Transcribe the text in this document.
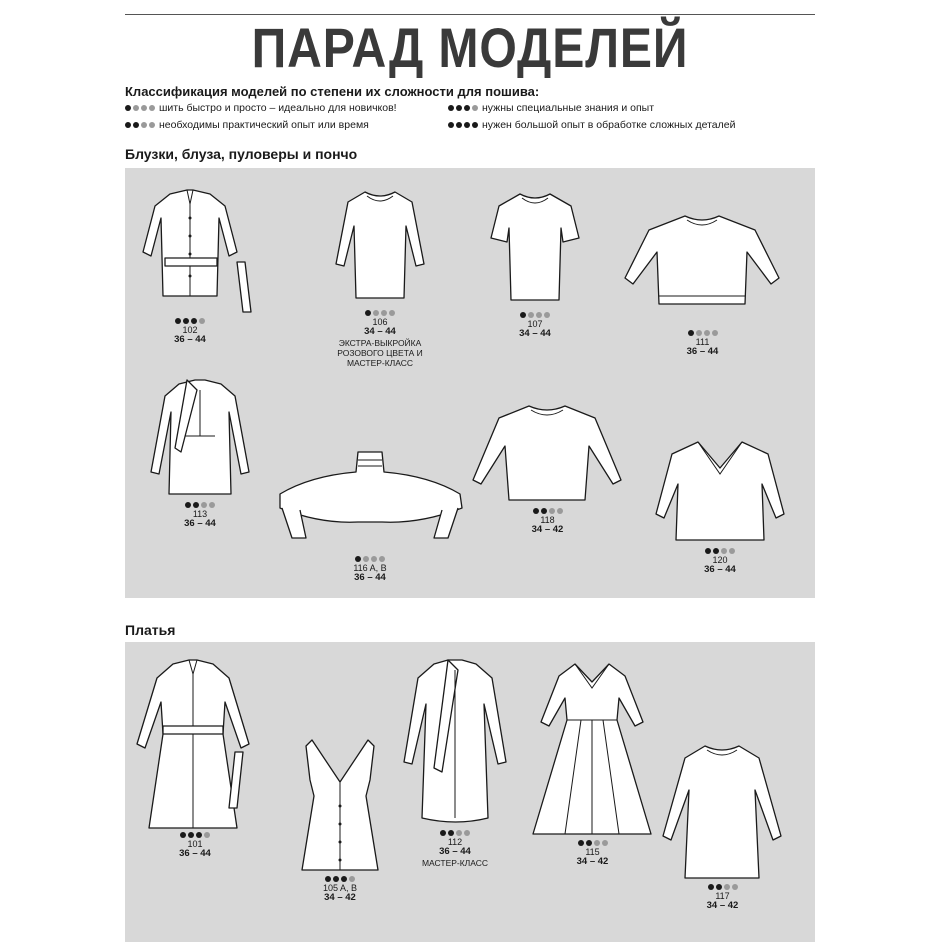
ПАРАД МОДЕЛЕЙ
Классификация моделей по степени их сложности для пошива:
шить быстро и просто – идеально для новичков!	нужны специальные знания и опыт
необходимы практический опыт или время	нужен большой опыт в обработке сложных деталей
Блузки, блуза, пуловеры и пончо
102
36 – 44
106
34 – 44
ЭКСТРА-ВЫКРОЙКА РОЗОВОГО ЦВЕТА И МАСТЕР-КЛАСС
107
34 – 44
111
36 – 44
113
36 – 44
116 A, B
36 – 44
118
34 – 42
120
36 – 44
Платья
101
36 – 44
105 A, B
34 – 42
112
36 – 44
МАСТЕР-КЛАСС
115
34 – 42
117
34 – 42
